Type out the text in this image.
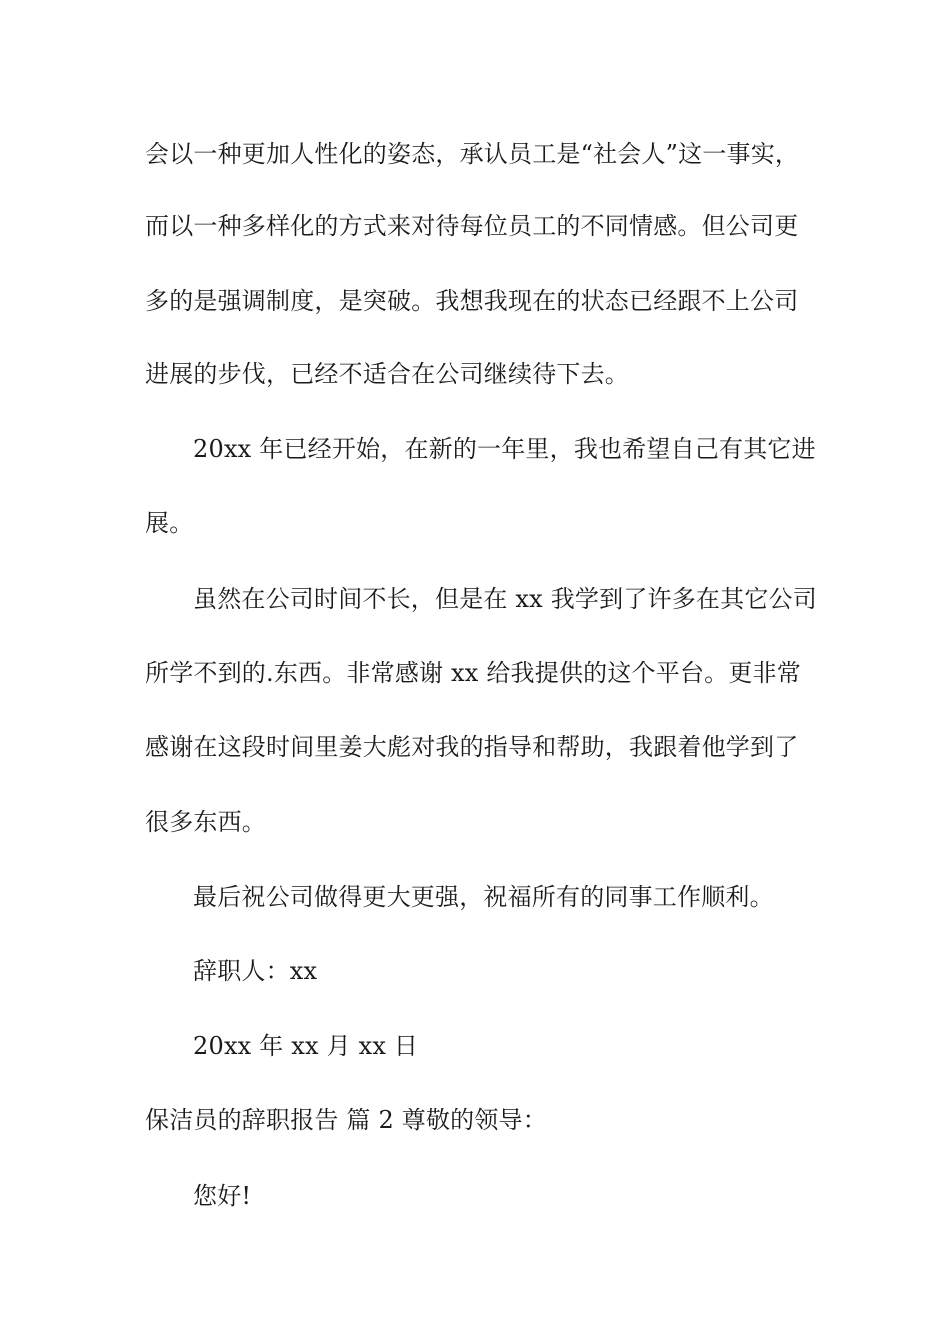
会以一种更加人性化的姿态，承认员工是“社会人”这一事实，
而以一种多样化的方式来对待每位员工的不同情感。但公司更
多的是强调制度，是突破。我想我现在的状态已经跟不上公司
进展的步伐，已经不适合在公司继续待下去。
20xx 年已经开始，在新的一年里，我也希望自己有其它进
展。
虽然在公司时间不长，但是在 xx 我学到了许多在其它公司
所学不到的.东西。非常感谢 xx 给我提供的这个平台。更非常
感谢在这段时间里姜大彪对我的指导和帮助，我跟着他学到了
很多东西。
最后祝公司做得更大更强，祝福所有的同事工作顺利。
辞职人：xx
20xx 年 xx 月 xx 日
保洁员的辞职报告 篇 2 尊敬的领导：
您好!
